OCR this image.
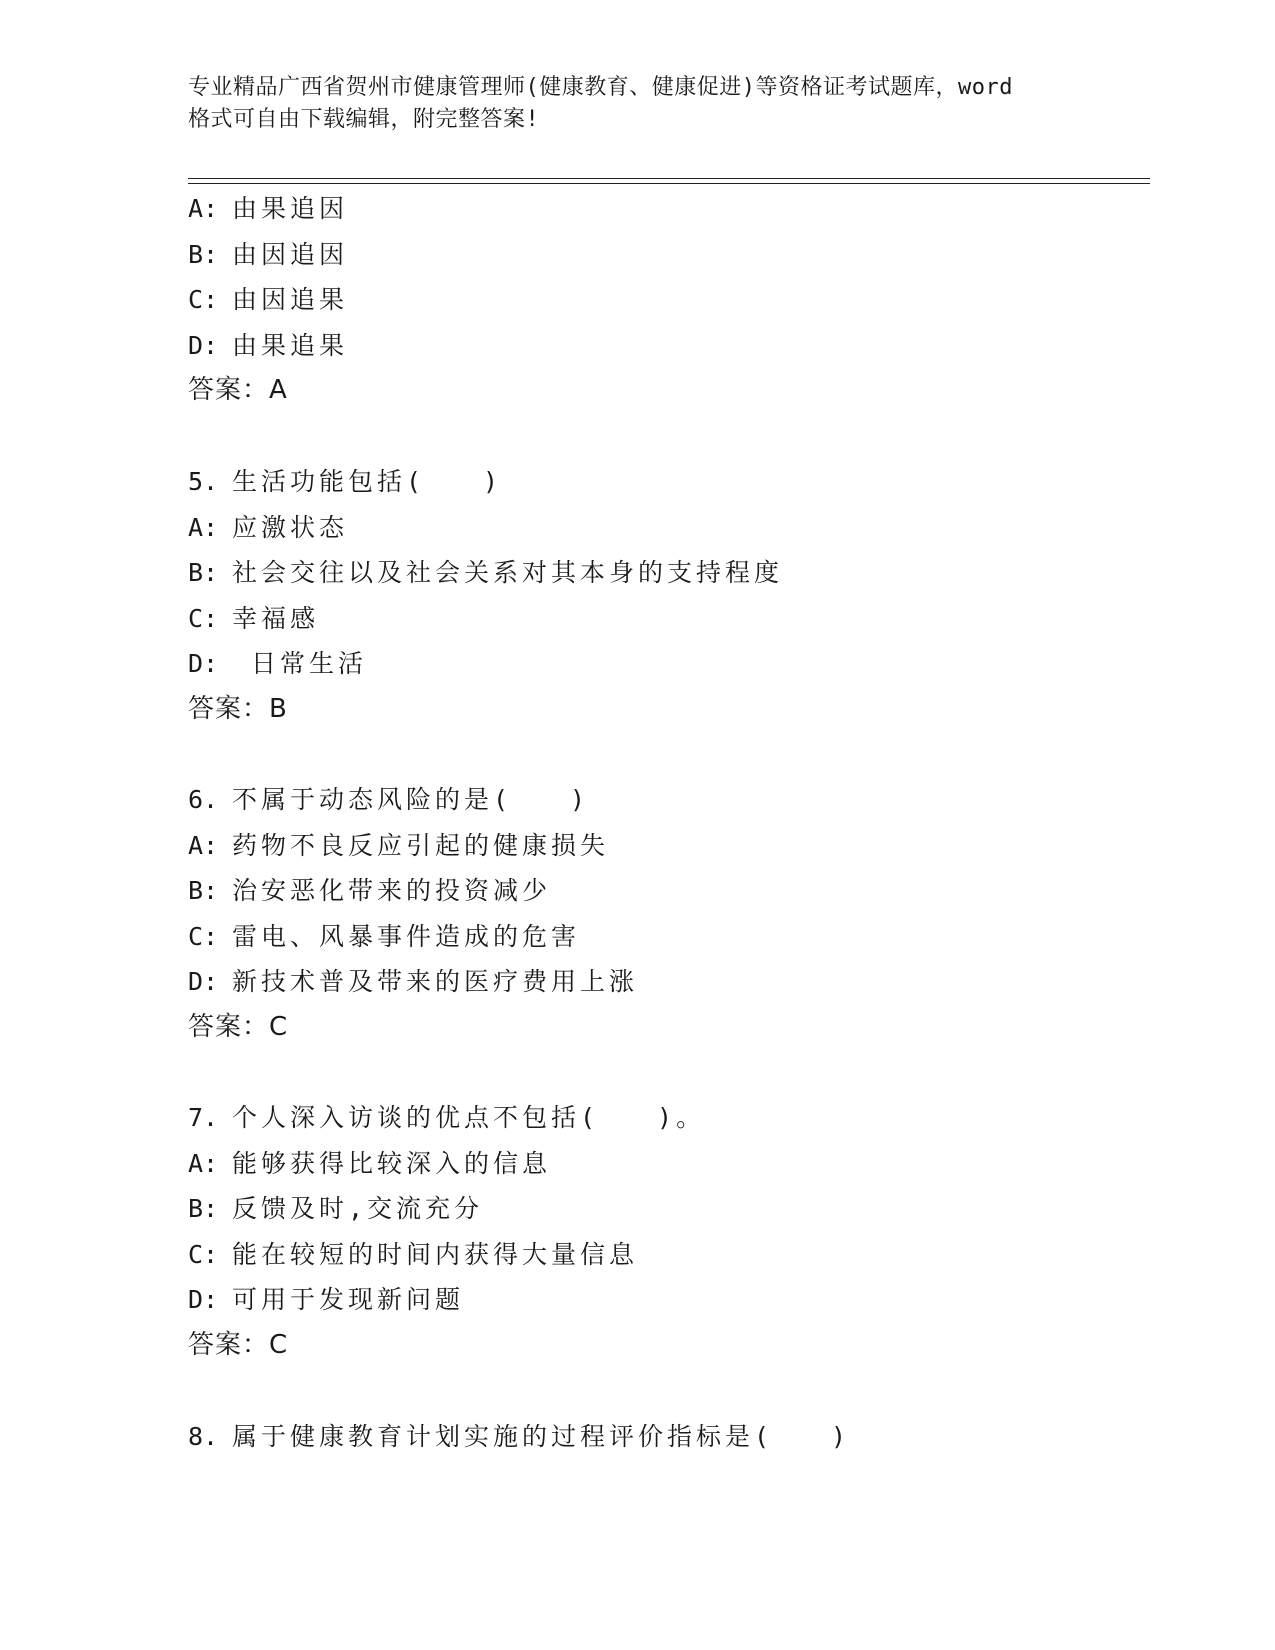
专业精品广西省贺州市健康管理师(健康教育、健康促进)等资格证考试题库，word
格式可自由下载编辑，附完整答案!
A: 由果追因
B: 由因追因
C: 由因追果
D: 由果追果
答案：A
5. 生活功能包括(　　)
A: 应激状态
B: 社会交往以及社会关系对其本身的支持程度
C: 幸福感
D: 日常生活
答案：B
6. 不属于动态风险的是(　　)
A: 药物不良反应引起的健康损失
B: 治安恶化带来的投资减少
C: 雷电、风暴事件造成的危害
D: 新技术普及带来的医疗费用上涨
答案：C
7. 个人深入访谈的优点不包括(　　)。
A: 能够获得比较深入的信息
B: 反馈及时,交流充分
C: 能在较短的时间内获得大量信息
D: 可用于发现新问题
答案：C
8. 属于健康教育计划实施的过程评价指标是(　　)
